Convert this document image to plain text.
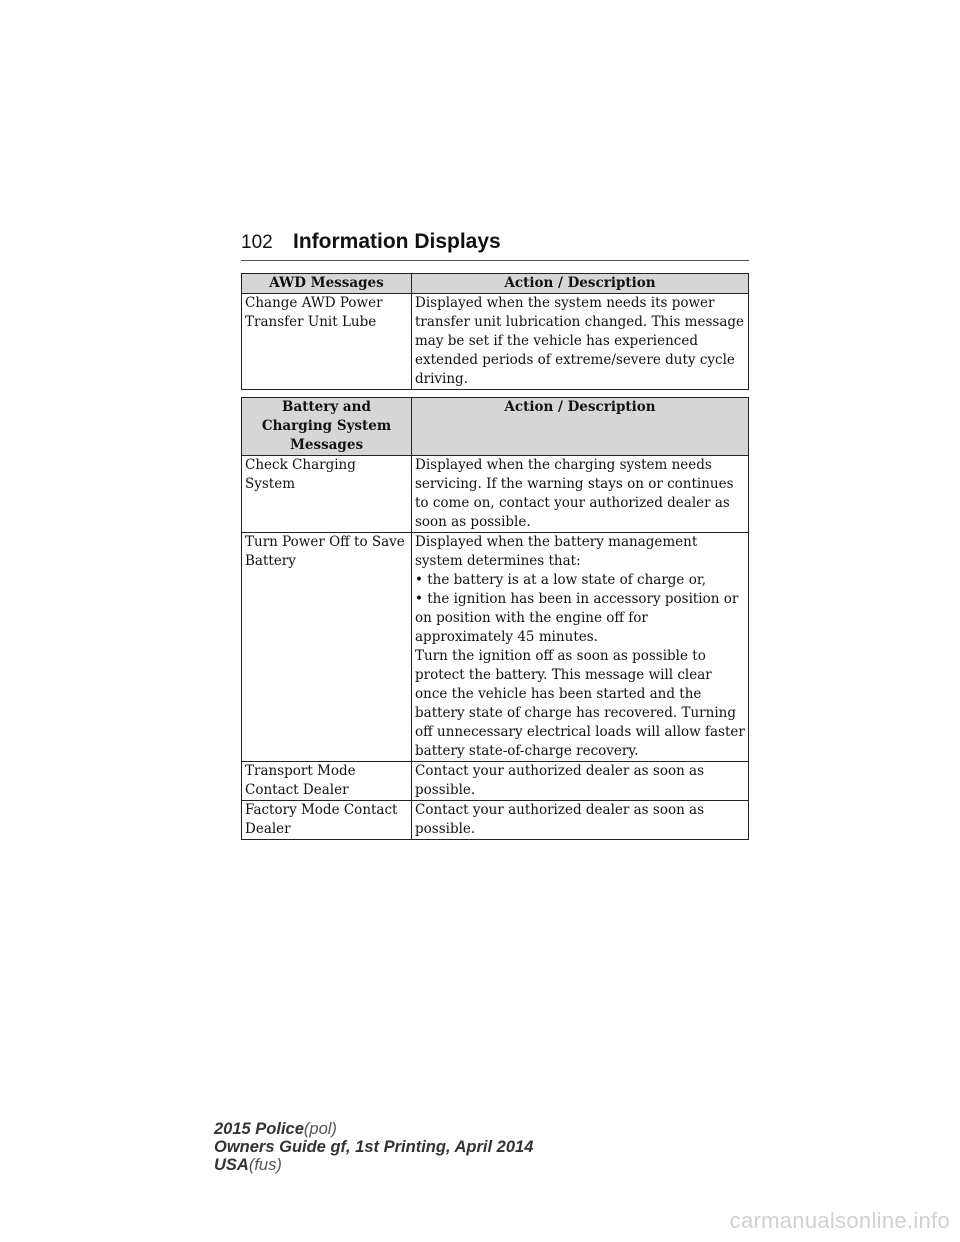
102 Information Displays
AWD Messages	Action / Description
Change AWD Power Transfer Unit Lube	Displayed when the system needs its power transfer unit lubrication changed. This message may be set if the vehicle has experienced extended periods of extreme/severe duty cycle driving.
Battery and Charging System Messages	Action / Description
Check Charging System	Displayed when the charging system needs servicing. If the warning stays on or continues to come on, contact your authorized dealer as soon as possible.
Turn Power Off to Save Battery	Displayed when the battery management system determines that:
• the battery is at a low state of charge or,
• the ignition has been in accessory position or on position with the engine off for approximately 45 minutes.
Turn the ignition off as soon as possible to protect the battery. This message will clear once the vehicle has been started and the battery state of charge has recovered. Turning off unnecessary electrical loads will allow faster battery state-of-charge recovery.

Transport Mode Contact Dealer	Contact your authorized dealer as soon as possible.
Factory Mode Contact Dealer	Contact your authorized dealer as soon as possible.
2015 Police(pol)
Owners Guide gf, 1st Printing, April 2014
USA(fus)
carmanualsonline.info
